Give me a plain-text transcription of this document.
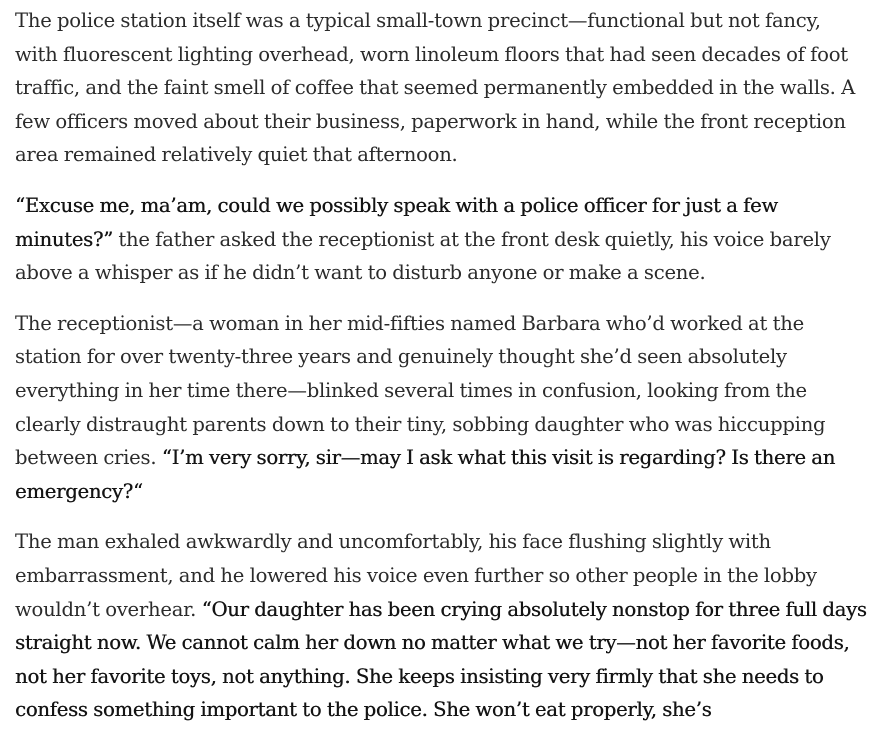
The police station itself was a typical small-town precinct—functional but not fancy, with fluorescent lighting overhead, worn linoleum floors that had seen decades of foot traffic, and the faint smell of coffee that seemed permanently embedded in the walls. A few officers moved about their business, paperwork in hand, while the front reception area remained relatively quiet that afternoon.

“Excuse me, ma’am, could we possibly speak with a police officer for just a few minutes?” the father asked the receptionist at the front desk quietly, his voice barely above a whisper as if he didn’t want to disturb anyone or make a scene.

The receptionist—a woman in her mid-fifties named Barbara who’d worked at the station for over twenty-three years and genuinely thought she’d seen absolutely everything in her time there—blinked several times in confusion, looking from the clearly distraught parents down to their tiny, sobbing daughter who was hiccupping between cries. “I’m very sorry, sir—may I ask what this visit is regarding? Is there an emergency?“

The man exhaled awkwardly and uncomfortably, his face flushing slightly with embarrassment, and he lowered his voice even further so other people in the lobby wouldn’t overhear. “Our daughter has been crying absolutely nonstop for three full days straight now. We cannot calm her down no matter what we try—not her favorite foods, not her favorite toys, not anything. She keeps insisting very firmly that she needs to confess something important to the police. She won’t eat properly, she’s
